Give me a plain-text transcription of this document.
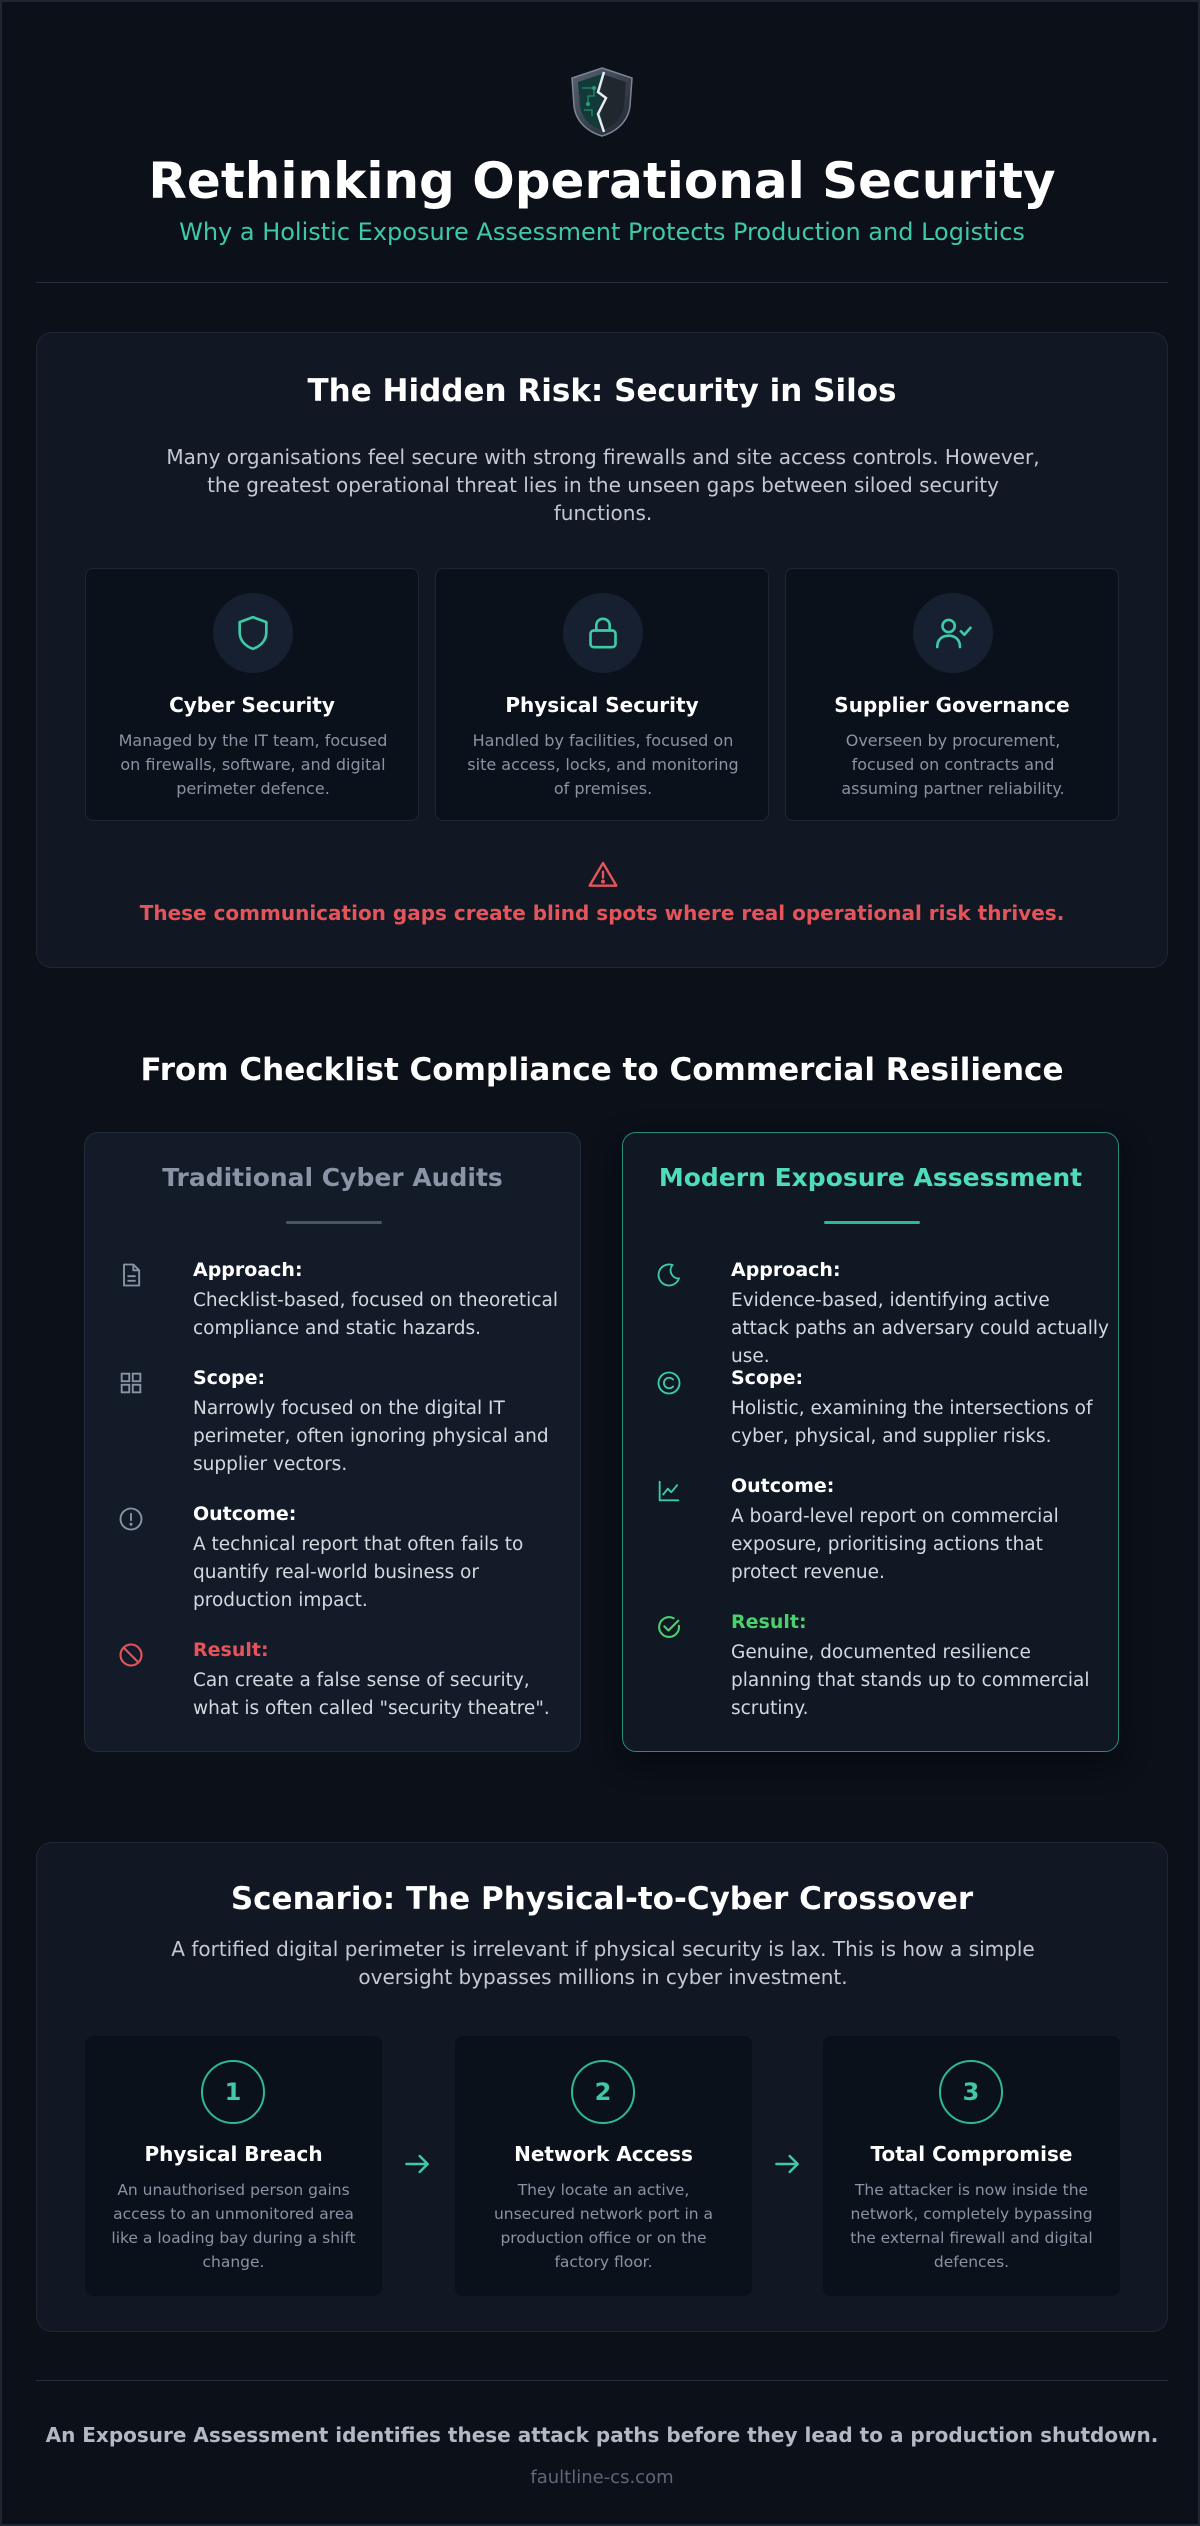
Rethinking Operational Security
Why a Holistic Exposure Assessment Protects Production and Logistics
The Hidden Risk: Security in Silos
Many organisations feel secure with strong firewalls and site access controls. However, the greatest operational threat lies in the unseen gaps between siloed security functions.
Cyber Security
Managed by the IT team, focused on firewalls, software, and digital perimeter defence.
Physical Security
Handled by facilities, focused on site access, locks, and monitoring of premises.
Supplier Governance
Overseen by procurement, focused on contracts and assuming partner reliability.
These communication gaps create blind spots where real operational risk thrives.
From Checklist Compliance to Commercial Resilience
Traditional Cyber Audits
Approach:
Checklist-based, focused on theoretical compliance and static hazards.
Scope:
Narrowly focused on the digital IT perimeter, often ignoring physical and supplier vectors.
Outcome:
A technical report that often fails to quantify real-world business or production impact.
Result:
Can create a false sense of security, what is often called "security theatre".
Modern Exposure Assessment
Approach:
Evidence-based, identifying active attack paths an adversary could actually use.
Scope:
Holistic, examining the intersections of cyber, physical, and supplier risks.
Outcome:
A board-level report on commercial exposure, prioritising actions that protect revenue.
Result:
Genuine, documented resilience planning that stands up to commercial scrutiny.
Scenario: The Physical-to-Cyber Crossover
A fortified digital perimeter is irrelevant if physical security is lax. This is how a simple oversight bypasses millions in cyber investment.
1
Physical Breach
An unauthorised person gains access to an unmonitored area like a loading bay during a shift change.
2
Network Access
They locate an active, unsecured network port in a production office or on the factory floor.
3
Total Compromise
The attacker is now inside the network, completely bypassing the external firewall and digital defences.
An Exposure Assessment identifies these attack paths before they lead to a production shutdown.
faultline-cs.com
